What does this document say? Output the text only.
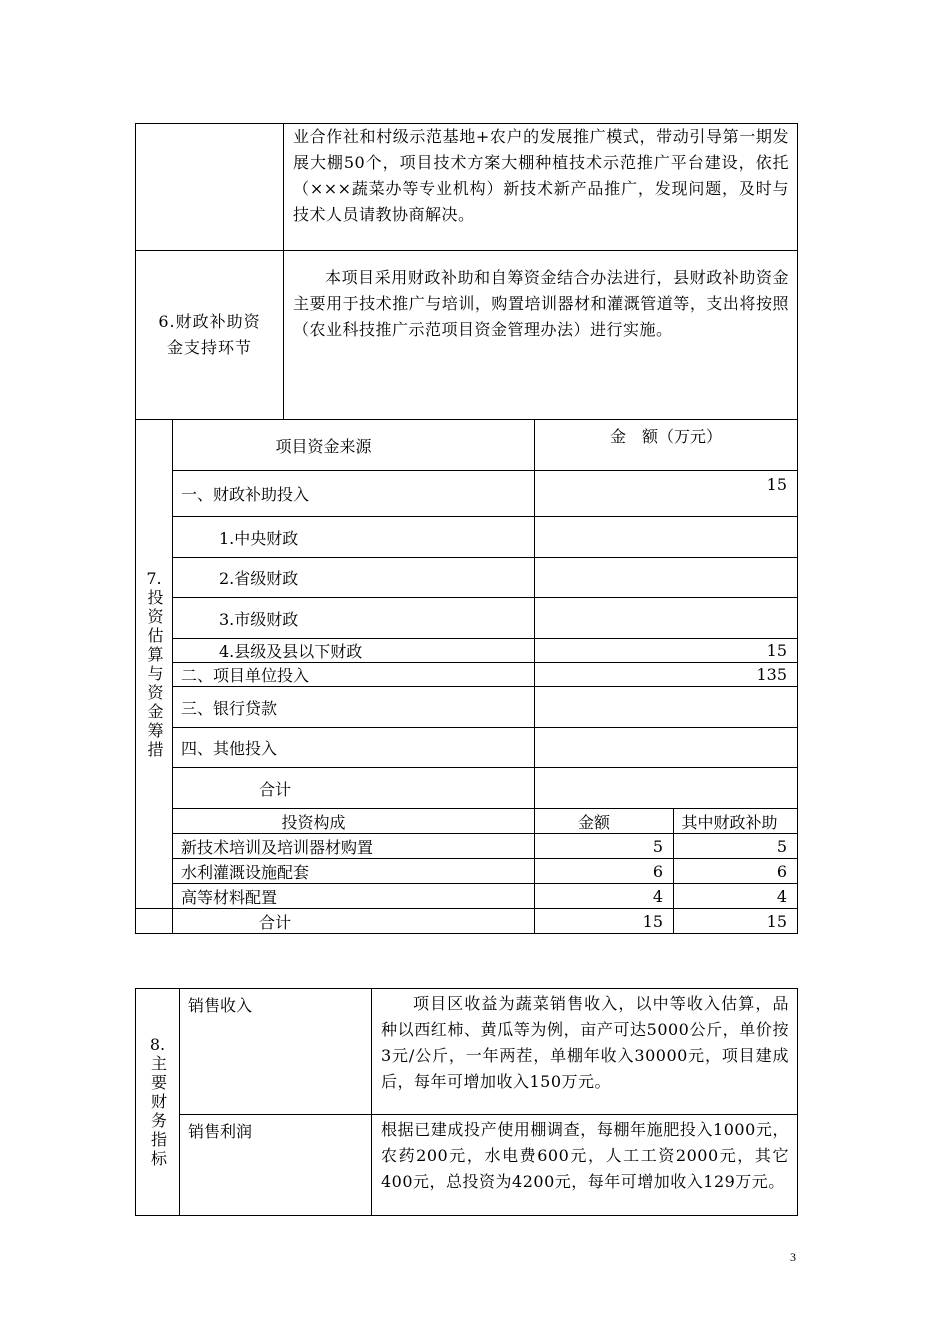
		业合作社和村级示范基地+农户的发展推广模式，带动引导第一期发展大棚50个，项目技术方案大棚种植技术示范推广平台建设，依托（×××蔬菜办等专业机构）新技术新产品推广，发现问题，及时与技术人员请教协商解决。		

6.财政补助资金支持环节		本项目采用财政补助和自筹资金结合办法进行，县财政补助资金主要用于技术推广与培训，购置培训器材和灌溉管道等，支出将按照（农业科技推广示范项目资金管理办法）进行实施。		

7.
投资估算与资金筹措	项目资金来源		金　额（万元）	
	一、财政补助投入		15	
	1.中央财政			
	2.省级财政			
	3.市级财政			
	4.县级及县以下财政		15	
	二、项目单位投入		135	
	三、银行贷款			
	四、其他投入			
	合计			
	投资构成		金额	其中财政补助
	新技术培训及培训器材购置		5	5
	水利灌溉设施配套		6	6
	高等材料配置		4	4
	合计		15	15
8.
主要财务指标	销售收入	项目区收益为蔬菜销售收入，以中等收入估算，品种以西红柿、黄瓜等为例，亩产可达5000公斤，单价按3元/公斤，一年两茬，单棚年收入30000元，项目建成后，每年可增加收入150万元。

	销售利润	根据已建成投产使用棚调查，每棚年施肥投入1000元，农药200元，水电费600元，人工工资2000元，其它400元，总投资为4200元，每年可增加收入129万元。
3
